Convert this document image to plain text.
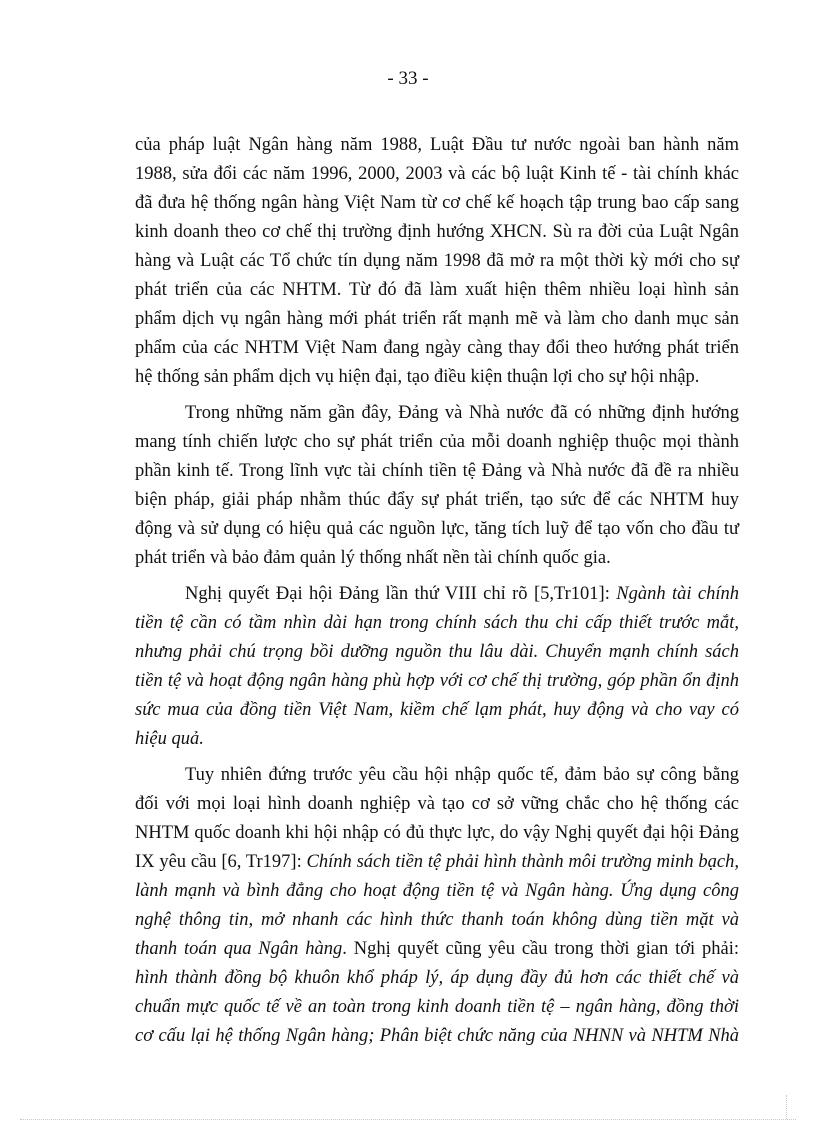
- 33 -
của pháp luật Ngân hàng năm 1988, Luật Đầu tư nước ngoài ban hành năm
1988, sửa đổi các năm 1996, 2000, 2003 và các bộ luật Kinh tế - tài chính khác
đã đưa hệ thống ngân hàng Việt Nam từ cơ chế kế hoạch tập trung bao cấp sang
kinh doanh theo cơ chế thị trường định hướng XHCN. Sù ra đời của Luật Ngân
hàng và Luật các Tổ chức tín dụng năm 1998 đã mở ra một thời kỳ mới cho sự
phát triển của các NHTM. Từ đó đã làm xuất hiện thêm nhiều loại hình sản
phẩm dịch vụ ngân hàng mới phát triển rất mạnh mẽ và làm cho danh mục sản
phẩm của các NHTM Việt Nam đang ngày càng thay đổi theo hướng phát triển
hệ thống sản phẩm dịch vụ hiện đại, tạo điều kiện thuận lợi cho sự hội nhập.
Trong những năm gần đây, Đảng và Nhà nước đã có những định hướng
mang tính chiến lược cho sự phát triển của mỗi doanh nghiệp thuộc mọi thành
phần kinh tế. Trong lĩnh vực tài chính tiền tệ Đảng và Nhà nước đã đề ra nhiều
biện pháp, giải pháp nhằm thúc đẩy sự phát triển, tạo sức để các NHTM huy
động và sử dụng có hiệu quả các nguồn lực, tăng tích luỹ để tạo vốn cho đầu tư
phát triển và bảo đảm quản lý thống nhất nền tài chính quốc gia.
Nghị quyết Đại hội Đảng lần thứ VIII chỉ rõ [5,Tr101]: Ngành tài chính
tiền tệ cần có tầm nhìn dài hạn trong chính sách thu chi cấp thiết trước mắt,
nhưng phải chú trọng bồi dưỡng nguồn thu lâu dài. Chuyển mạnh chính sách
tiền tệ và hoạt động ngân hàng phù hợp với cơ chế thị trường, góp phần ổn định
sức mua của đồng tiền Việt Nam, kiềm chế lạm phát, huy động và cho vay có
hiệu quả.
Tuy nhiên đứng trước yêu cầu hội nhập quốc tế, đảm bảo sự công bằng
đối với mọi loại hình doanh nghiệp và tạo cơ sở vững chắc cho hệ thống các
NHTM quốc doanh khi hội nhập có đủ thực lực, do vậy Nghị quyết đại hội Đảng
IX yêu cầu [6, Tr197]: Chính sách tiền tệ phải hình thành môi trường minh bạch,
lành mạnh và bình đẳng cho hoạt động tiền tệ và Ngân hàng. Ứng dụng công
nghệ thông tin, mở nhanh các hình thức thanh toán không dùng tiền mặt và
thanh toán qua Ngân hàng. Nghị quyết cũng yêu cầu trong thời gian tới phải:
hình thành đồng bộ khuôn khổ pháp lý, áp dụng đầy đủ hơn các thiết chế và
chuẩn mực quốc tế về an toàn trong kinh doanh tiền tệ – ngân hàng, đồng thời
cơ cấu lại hệ thống Ngân hàng; Phân biệt chức năng của NHNN và NHTM Nhà
